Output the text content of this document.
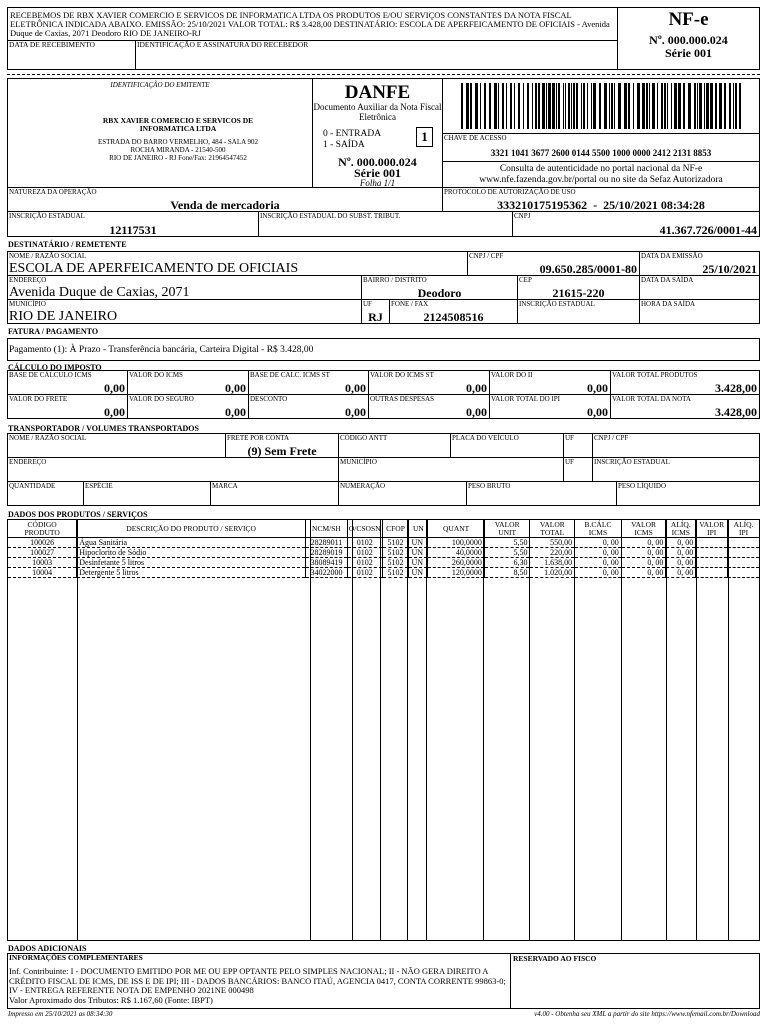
RECEBEMOS DE RBX XAVIER COMERCIO E SERVICOS DE INFORMATICA LTDA OS PRODUTOS E/OU SERVIÇOS CONSTANTES DA NOTA FISCAL ELETRÔNICA INDICADA ABAIXO. EMISSÃO: 25/10/2021 VALOR TOTAL: R$ 3.428,00 DESTINATÁRIO: ESCOLA DE APERFEICAMENTO DE OFICIAIS - Avenida Duque de Caxias, 2071 Deodoro RIO DE JANEIRO-RJ
DATA DE RECEBIMENTO	IDENTIFICAÇÃO E ASSINATURA DO RECEBEDOR
NF-e
Nº. 000.000.024
Série 001
IDENTIFICAÇÃO DO EMITENTE
RBX XAVIER COMERCIO E SERVICOS DE INFORMATICA LTDA
ESTRADA DO BARRO VERMELHO, 484 - SALA 902
ROCHA MIRANDA - 21540-500
RIO DE JANEIRO - RJ Fone/Fax: 21964547452
DANFE
Documento Auxiliar da Nota Fiscal Eletrônica
0 - ENTRADA
1 - SAÍDA
1
Nº. 000.000.024
Série 001
Folha 1/1
CHAVE DE ACESSO
3321 1041 3677 2600 0144 5500 1000 0000 2412 2131 8853
Consulta de autenticidade no portal nacional da NF-e
www.nfe.fazenda.gov.br/portal ou no site da Sefaz Autorizadora
NATUREZA DA OPERAÇÃO
Venda de mercadoria
PROTOCOLO DE AUTORIZAÇÃO DE USO
333210175195362  -  25/10/2021 08:34:28
INSCRIÇÃO ESTADUAL
12117531
INSCRIÇÃO ESTADUAL DO SUBST. TRIBUT.	CNPJ
41.367.726/0001-44
DESTINATÁRIO / REMETENTE
NOME / RAZÃO SOCIAL
ESCOLA DE APERFEICAMENTO DE OFICIAIS
CNPJ / CPF
09.650.285/0001-80
DATA DA EMISSÃO
25/10/2021
ENDEREÇO
Avenida Duque de Caxias, 2071
BAIRRO / DISTRITO
Deodoro
CEP
21615-220
DATA DA SAÍDA
MUNICÍPIO
RIO DE JANEIRO
UF
RJ
FONE / FAX
2124508516
INSCRIÇÃO ESTADUAL	HORA DA SAÍDA
FATURA / PAGAMENTO
Pagamento (1): À Prazo - Transferência bancária, Carteira Digital - R$ 3.428,00
CÁLCULO DO IMPOSTO
BASE DE CÁLCULO ICMS
0,00
VALOR DO ICMS
0,00
BASE DE CALC. ICMS ST
0,00
VALOR DO ICMS ST
0,00
VALOR DO II
0,00
VALOR TOTAL PRODUTOS
3.428,00
VALOR DO FRETE
0,00
VALOR DO SEGURO
0,00
DESCONTO
0,00
OUTRAS DESPESAS
0,00
VALOR TOTAL DO IPI
0,00
VALOR TOTAL DA NOTA
3.428,00
TRANSPORTADOR / VOLUMES TRANSPORTADOS
NOME / RAZÃO SOCIAL	FRETE POR CONTA
(9) Sem Frete
CÓDIGO ANTT	PLACA DO VEÍCULO	UF	CNPJ / CPF
ENDEREÇO	MUNICÍPIO	UF	INSCRIÇÃO ESTADUAL
QUANTIDADE	ESPÉCIE	MARCA	NUMERAÇÃO	PESO BRUTO	PESO LÍQUIDO
DADOS DOS PRODUTOS / SERVIÇOS
CÓDIGO PRODUTO	DESCRIÇÃO DO PRODUTO / SERVIÇO	NCM/SH	O/CSOSN	CFOP	UN	QUANT	VALOR UNIT	VALOR TOTAL	B.CÁLC ICMS	VALOR ICMS	ALÍQ. ICMS	VALOR IPI	ALÍQ. IPI
100026	Água Sanitária	28289011	0102	5102	UN	100,0000	5,50	550,00	0, 00	0, 00	0, 00		
100027	Hipoclorito de Sódio	28289019	0102	5102	UN	40,0000	5,50	220,00	0, 00	0, 00	0, 00		
10003	Desinfetante 5 litros	38089419	0102	5102	UN	260,0000	6,30	1.638,00	0, 00	0, 00	0, 00		
10004	Detergente 5 litros	34022000	0102	5102	UN	120,0000	8,50	1.020,00	0, 00	0, 00	0, 00		
DADOS ADICIONAIS
INFORMAÇÕES COMPLEMENTARES
Inf. Contribuinte: I - DOCUMENTO EMITIDO POR ME OU EPP OPTANTE PELO SIMPLES NACIONAL; II - NÃO GERA DIREITO A CRÉDITO FISCAL DE ICMS, DE ISS E DE IPI; III - DADOS BANCÁRIOS: BANCO ITAÚ, AGENCIA 0417, CONTA CORRENTE 99863-0; IV - ENTREGA REFERENTE NOTA DE EMPENHO 2021NE 000498
Valor Aproximado dos Tributos: R$ 1.167,60 (Fonte: IBPT)
RESERVADO AO FISCO
Impresso em 25/10/2021 as 08:34:30	v4.00 - Obtenha seu XML a partir do site https://www.nfemail.com.br/Download
